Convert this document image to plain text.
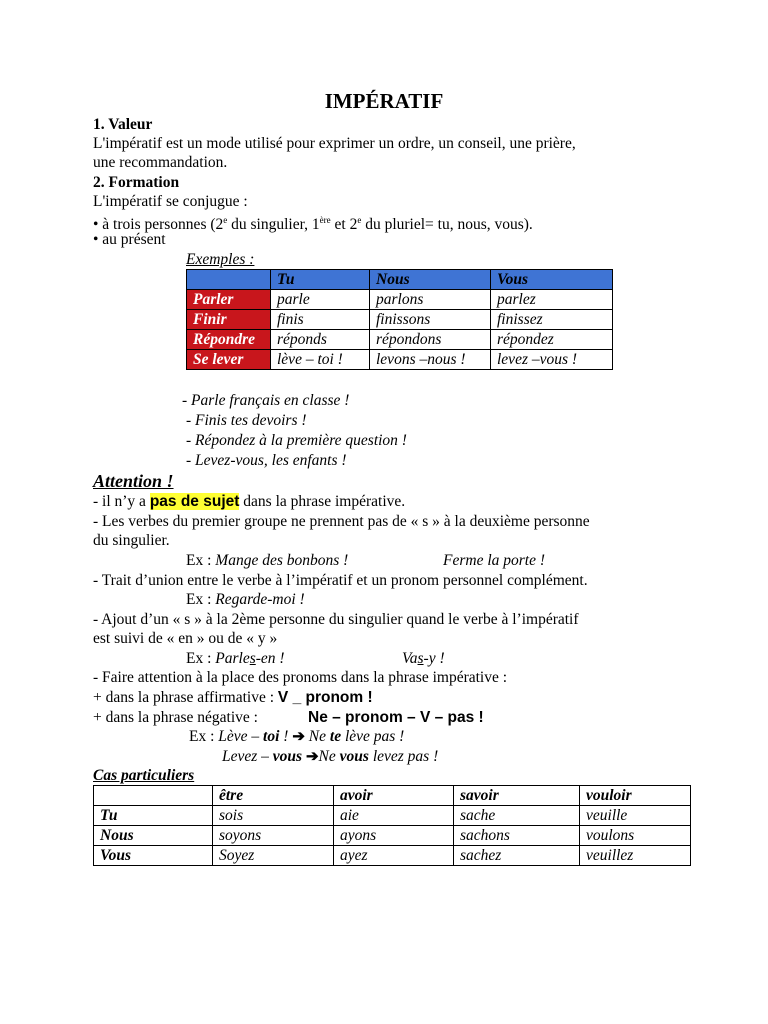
IMPÉRATIF
1. Valeur
L'impératif est un mode utilisé pour exprimer un ordre, un conseil, une prière,
une recommandation.
2. Formation
L'impératif se conjugue :
• à trois personnes (2e du singulier, 1ère et 2e du pluriel= tu, nous, vous).
• au présent
Exemples :
	Tu	Nous	Vous
Parler	parle	parlons	parlez
Finir	finis	finissons	finissez
Répondre	réponds	répondons	répondez
Se lever	lève – toi !	levons –nous !	levez –vous !
- Parle français en classe !
- Finis tes devoirs !
- Répondez à la première question !
- Levez-vous, les enfants !
Attention !
- il n’y a pas de sujet dans la phrase impérative.
- Les verbes du premier groupe ne prennent pas de « s » à la deuxième personne
du singulier.
Ex : Mange des bonbons !	Ferme la porte !
- Trait d’union entre le verbe à l’impératif et un pronom personnel complément.
Ex : Regarde-moi !
- Ajout d’un « s » à la 2ème personne du singulier quand le verbe à l’impératif
est suivi de « en » ou de « y »
Ex : Parles-en !	Vas-y !
- Faire attention à la place des pronoms dans la phrase impérative :
+ dans la phrase affirmative : V _ pronom !
+ dans la phrase négative :	Ne – pronom – V – pas !
Ex : Lève – toi ! ➔ Ne te lève pas !
Levez – vous ➔Ne vous levez pas !
Cas particuliers
	être	avoir	savoir	vouloir
Tu	sois	aie	sache	veuille
Nous	soyons	ayons	sachons	voulons
Vous	Soyez	ayez	sachez	veuillez
